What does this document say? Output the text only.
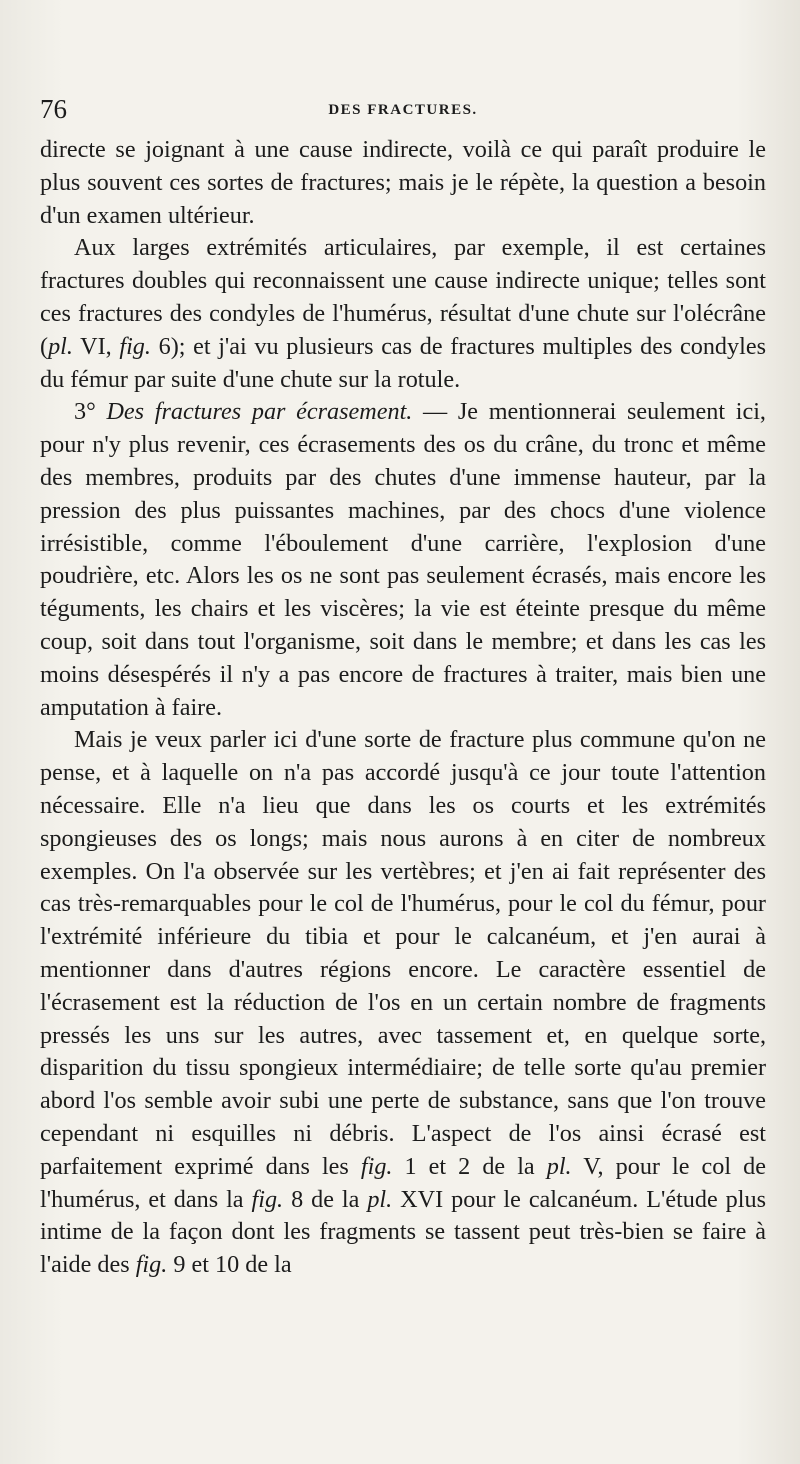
76	DES FRACTURES.

directe se joignant à une cause indirecte, voilà ce qui paraît produire le plus souvent ces sortes de fractures; mais je le répète, la question a besoin d'un examen ultérieur.

Aux larges extrémités articulaires, par exemple, il est certaines fractures doubles qui reconnaissent une cause indirecte unique; telles sont ces fractures des condyles de l'humérus, résultat d'une chute sur l'olécrâne (pl. VI, fig. 6); et j'ai vu plusieurs cas de fractures multiples des condyles du fémur par suite d'une chute sur la rotule.

3° Des fractures par écrasement. — Je mentionnerai seulement ici, pour n'y plus revenir, ces écrasements des os du crâne, du tronc et même des membres, produits par des chutes d'une immense hauteur, par la pression des plus puissantes machines, par des chocs d'une violence irrésistible, comme l'éboulement d'une carrière, l'explosion d'une poudrière, etc. Alors les os ne sont pas seulement écrasés, mais encore les téguments, les chairs et les viscères; la vie est éteinte presque du même coup, soit dans tout l'organisme, soit dans le membre; et dans les cas les moins désespérés il n'y a pas encore de fractures à traiter, mais bien une amputation à faire.

Mais je veux parler ici d'une sorte de fracture plus commune qu'on ne pense, et à laquelle on n'a pas accordé jusqu'à ce jour toute l'attention nécessaire. Elle n'a lieu que dans les os courts et les extrémités spongieuses des os longs; mais nous aurons à en citer de nombreux exemples. On l'a observée sur les vertèbres; et j'en ai fait représenter des cas très-remarquables pour le col de l'humérus, pour le col du fémur, pour l'extrémité inférieure du tibia et pour le calcanéum, et j'en aurai à mentionner dans d'autres régions encore. Le caractère essentiel de l'écrasement est la réduction de l'os en un certain nombre de fragments pressés les uns sur les autres, avec tassement et, en quelque sorte, disparition du tissu spongieux intermédiaire; de telle sorte qu'au premier abord l'os semble avoir subi une perte de substance, sans que l'on trouve cependant ni esquilles ni débris. L'aspect de l'os ainsi écrasé est parfaitement exprimé dans les fig. 1 et 2 de la pl. V, pour le col de l'humérus, et dans la fig. 8 de la pl. XVI pour le calcanéum. L'étude plus intime de la façon dont les fragments se tassent peut très-bien se faire à l'aide des fig. 9 et 10 de la
